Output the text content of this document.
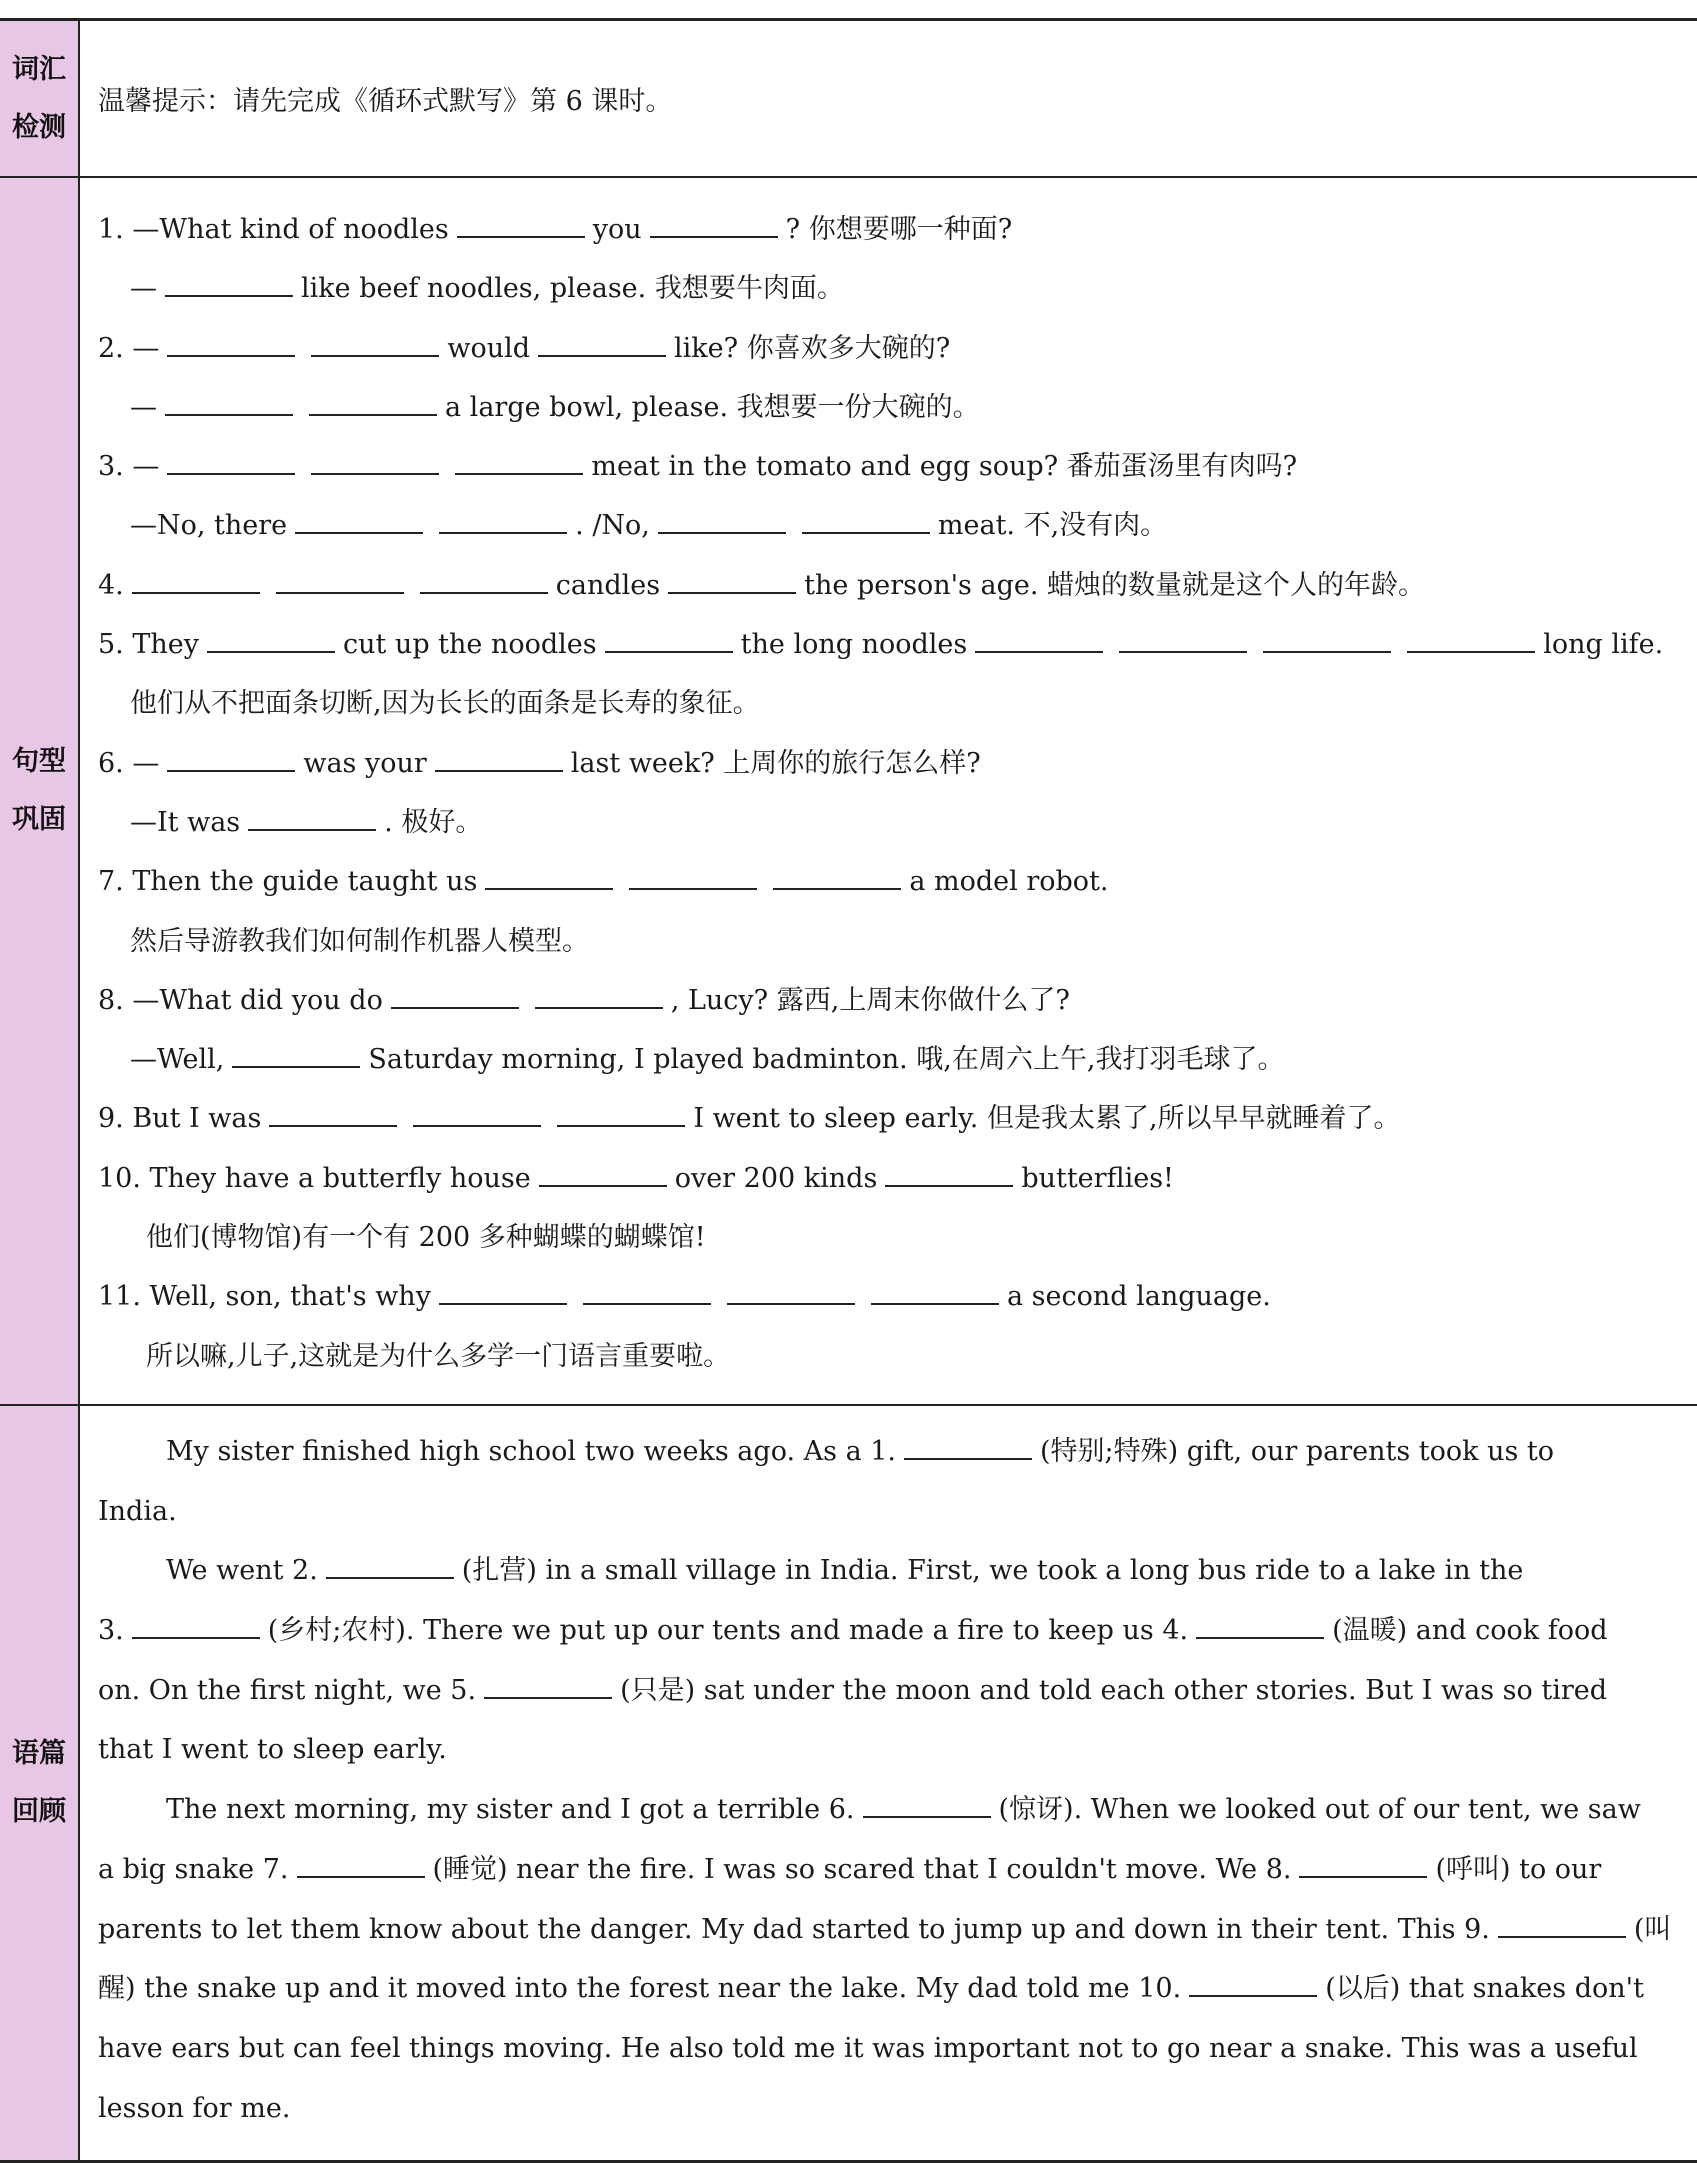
词汇
检测
温馨提示：请先完成《循环式默写》第 6 课时。
句型
巩固
1. —What kind of noodles	you	? 你想要哪一种面?
—	like beef noodles, please. 我想要牛肉面。
2. —	would	like? 你喜欢多大碗的?
—	a large bowl, please. 我想要一份大碗的。
3. —	meat in the tomato and egg soup? 番茄蛋汤里有肉吗?
—No, there	. /No,	meat. 不,没有肉。
4.	candles	the person's age. 蜡烛的数量就是这个人的年龄。
5. They	cut up the noodles	the long noodles	long life.
他们从不把面条切断,因为长长的面条是长寿的象征。
6. —	was your	last week? 上周你的旅行怎么样?
—It was	. 极好。
7. Then the guide taught us	a model robot.
然后导游教我们如何制作机器人模型。
8. —What did you do	, Lucy? 露西,上周末你做什么了?
—Well,	Saturday morning, I played badminton. 哦,在周六上午,我打羽毛球了。
9. But I was	I went to sleep early. 但是我太累了,所以早早就睡着了。
10. They have a butterfly house	over 200 kinds	butterflies!
他们(博物馆)有一个有 200 多种蝴蝶的蝴蝶馆!
11. Well, son, that's why	a second language.
所以嘛,儿子,这就是为什么多学一门语言重要啦。
语篇
回顾
My sister finished high school two weeks ago. As a 1.	(特别;特殊) gift, our parents took us to
India.
We went 2.	(扎营) in a small village in India. First, we took a long bus ride to a lake in the
3.	(乡村;农村). There we put up our tents and made a fire to keep us 4.	(温暖) and cook food
on. On the first night, we 5.	(只是) sat under the moon and told each other stories. But I was so tired
that I went to sleep early.
The next morning, my sister and I got a terrible 6.	(惊讶). When we looked out of our tent, we saw
a big snake 7.	(睡觉) near the fire. I was so scared that I couldn't move. We 8.	(呼叫) to our
parents to let them know about the danger. My dad started to jump up and down in their tent. This 9.	(叫
醒) the snake up and it moved into the forest near the lake. My dad told me 10.	(以后) that snakes don't
have ears but can feel things moving. He also told me it was important not to go near a snake. This was a useful
lesson for me.
